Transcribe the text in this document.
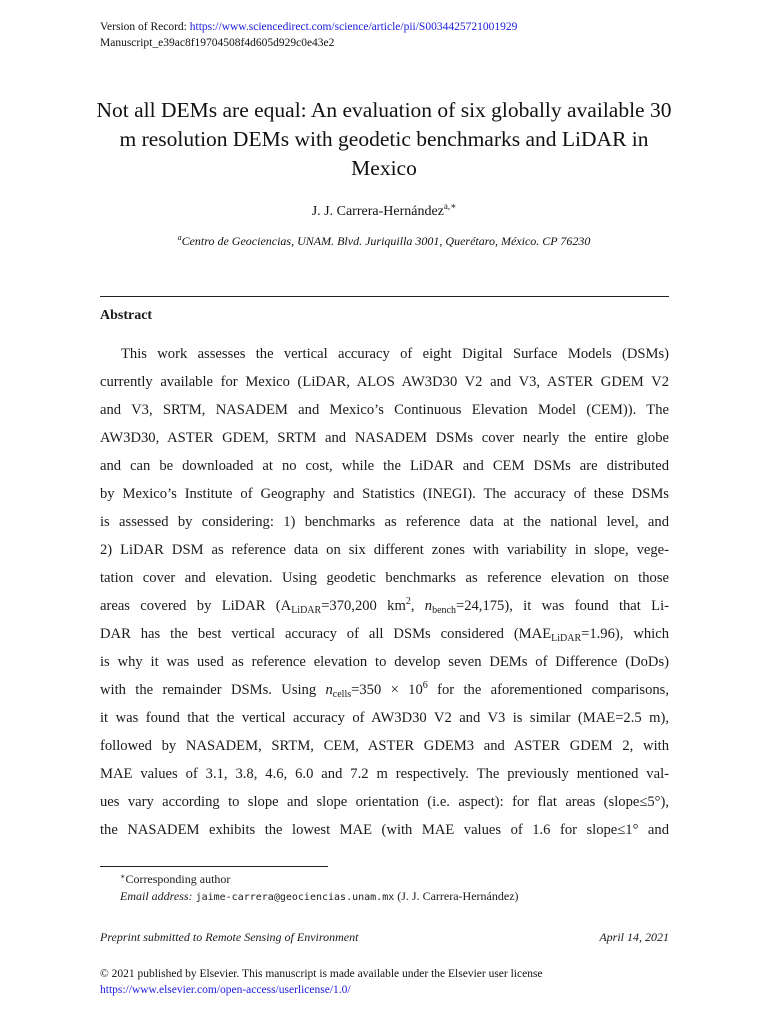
Version of Record: https://www.sciencedirect.com/science/article/pii/S0034425721001929
Manuscript_e39ac8f19704508f4d605d929c0e43e2
Not all DEMs are equal: An evaluation of six globally available 30 m resolution DEMs with geodetic benchmarks and LiDAR in Mexico
J. J. Carrera-Hernández$^{a,∗}$
$^a$Centro de Geociencias, UNAM. Blvd. Juriquilla 3001, Querétaro, México. CP 76230
Abstract
This work assesses the vertical accuracy of eight Digital Surface Models (DSMs)
currently available for Mexico (LiDAR, ALOS AW3D30 V2 and V3, ASTER GDEM V2
and V3, SRTM, NASADEM and Mexico’s Continuous Elevation Model (CEM)). The
AW3D30, ASTER GDEM, SRTM and NASADEM DSMs cover nearly the entire globe
and can be downloaded at no cost, while the LiDAR and CEM DSMs are distributed
by Mexico’s Institute of Geography and Statistics (INEGI). The accuracy of these DSMs
is assessed by considering: 1) benchmarks as reference data at the national level, and
2) LiDAR DSM as reference data on six different zones with variability in slope, vege-
tation cover and elevation. Using geodetic benchmarks as reference elevation on those
areas covered by LiDAR ($A_{LiDAR}=370,200$ $km^2$, $n_{bench}=24,175$), it was found that Li-
DAR has the best vertical accuracy of all DSMs considered $(MAE_{LiDAR}=1.96)$, which
is why it was used as reference elevation to develop seven DEMs of Difference (DoDs)
with the remainder DSMs. Using $n_{cells}=350 \times 10^6$ for the aforementioned comparisons,
it was found that the vertical accuracy of AW3D30 V2 and V3 is similar (MAE=2.5 m),
followed by NASADEM, SRTM, CEM, ASTER GDEM3 and ASTER GDEM 2, with
MAE values of 3.1, 3.8, 4.6, 6.0 and 7.2 m respectively. The previously mentioned val-
ues vary according to slope and slope orientation (i.e. aspect): for flat areas (slope≤5°),
the NASADEM exhibits the lowest MAE (with MAE values of 1.6 for slope≤1° and
∗Corresponding author
Email address: jaime-carrera@geociencias.unam.mx (J. J. Carrera-Hernández)
Preprint submitted to Remote Sensing of Environment	April 14, 2021
© 2021 published by Elsevier. This manuscript is made available under the Elsevier user license
https://www.elsevier.com/open-access/userlicense/1.0/
